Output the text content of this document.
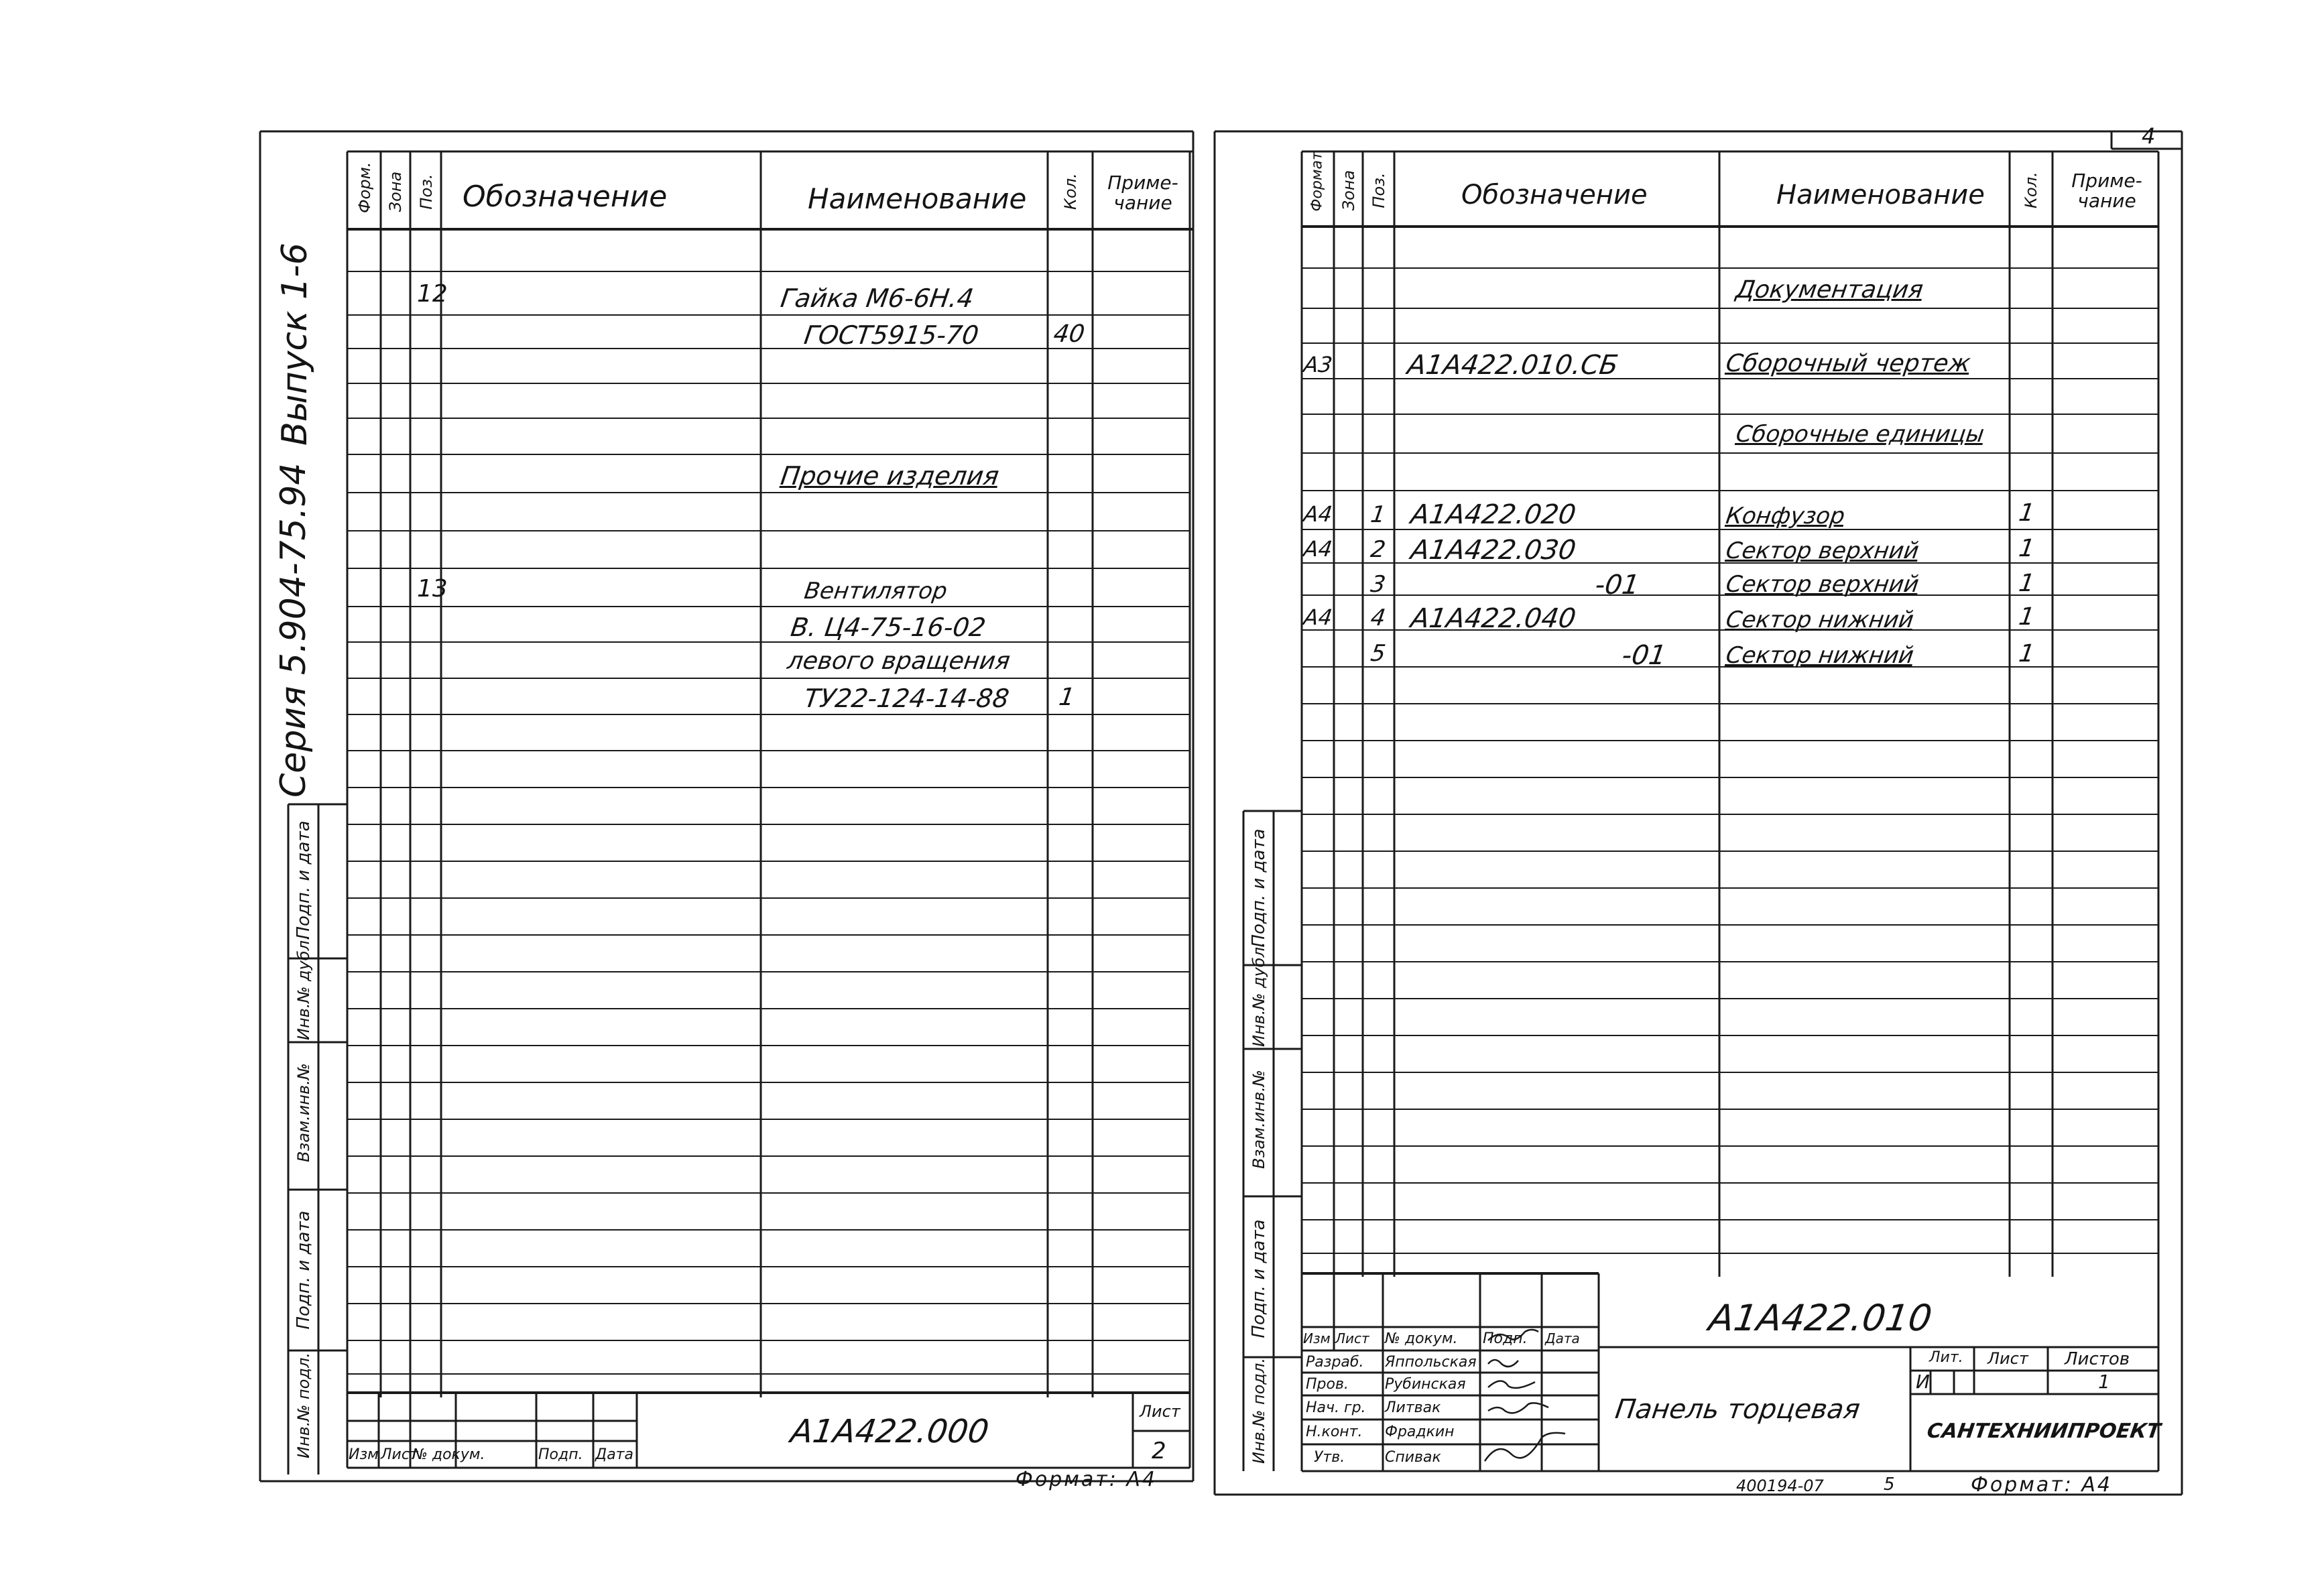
Форм. Зона Поз. Обозначение	Наименование Кол.	Приме-чание
12	Гайка М6-6Н.4
ГОСТ5915-70	40
Прочие изделия
13	Вентилятор
В. Ц4-75-16-02
левого вращения
ТУ22-124-14-88 1
Серия 5.904-75.94
Выпуск 1-6
Подп. и дата
Инв.№ дубл.
Взам.инв.№
Подп. и дата
Инв.№ подл. Изм Лист
№ докум.	Подп. Дата
А1А422.000
Лист
2
Формат: А4
4
Формат Зона Поз.	Обозначение	Наименование Кол.	Приме-чание
Документация
А3	А1А422.010.СБ	Сборочный чертеж
Сборочные единицы
А4 1 А1А422.020	Конфузор	1
А4 2 А1А422.030	Сектор верхний	1
3	-01	Сектор верхний	1
А4 4 А1А422.040	Сектор нижний	1
5	-01 Сектор нижний	1
Подп. и дата
Инв.№ дубл.
Взам.инв.№
Подп. и дата
Инв.№ подл.
Изм Лист № докум. Подп. Дата
Разраб. Яппольская
Пров. Рубинская
Нач. гр. Литвак
Н.конт. Фрадкин
Утв.	Спивак
А1А422.010
Панель торцевая
Лит. Лист Листов
И	1
САНТЕХНИИПРОЕКТ
400194-07	5	Формат: А4
